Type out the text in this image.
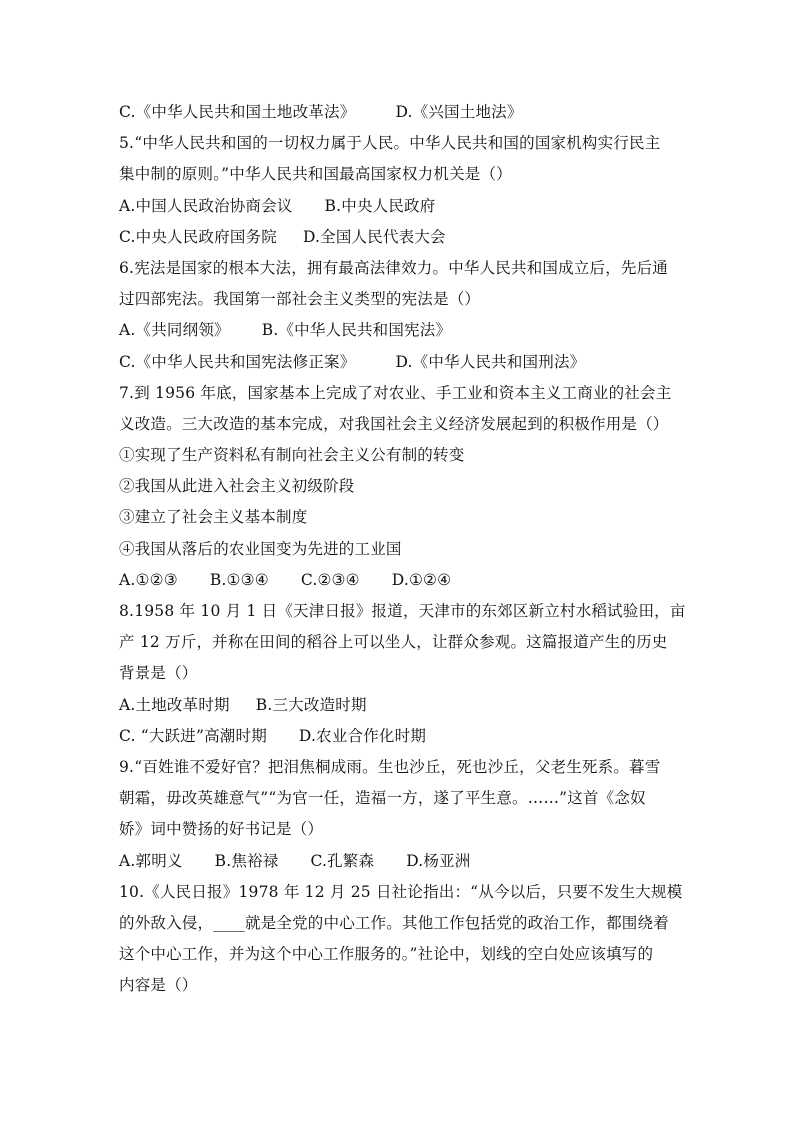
C.《中华人民共和国土地改革法》	D.《兴国土地法》
5.“中华人民共和国的一切权力属于人民。中华人民共和国的国家机构实行民主
集中制的原则。”中华人民共和国最高国家权力机关是（）
A.中国人民政治协商会议 B.中央人民政府
C.中央人民政府国务院 D.全国人民代表大会
6.宪法是国家的根本大法，拥有最高法律效力。中华人民共和国成立后，先后通
过四部宪法。我国第一部社会主义类型的宪法是（）
A.《共同纲领》 B.《中华人民共和国宪法》
C.《中华人民共和国宪法修正案》	D.《中华人民共和国刑法》
7.到 1956 年底，国家基本上完成了对农业、手工业和资本主义工商业的社会主
义改造。三大改造的基本完成，对我国社会主义经济发展起到的积极作用是（）
①实现了生产资料私有制向社会主义公有制的转变
②我国从此进入社会主义初级阶段
③建立了社会主义基本制度
④我国从落后的农业国变为先进的工业国
A.①②③ B.①③④ C.②③④ D.①②④
8.1958 年 10 月 1 日《天津日报》报道，天津市的东郊区新立村水稻试验田，亩
产 12 万斤，并称在田间的稻谷上可以坐人，让群众参观。这篇报道产生的历史
背景是（）
A.土地改革时期 B.三大改造时期
C. “大跃进”高潮时期 D.农业合作化时期
9.“百姓谁不爱好官？把泪焦桐成雨。生也沙丘，死也沙丘，父老生死系。暮雪
朝霜，毋改英雄意气”“为官一任，造福一方，遂了平生意。……”这首《念奴
娇》词中赞扬的好书记是（）
A.郭明义 B.焦裕禄 C.孔繁森 D.杨亚洲
10.《人民日报》1978 年 12 月 25 日社论指出：“从今以后，只要不发生大规模
的外敌入侵，____就是全党的中心工作。其他工作包括党的政治工作，都围绕着
这个中心工作，并为这个中心工作服务的。”社论中，划线的空白处应该填写的
内容是（）
